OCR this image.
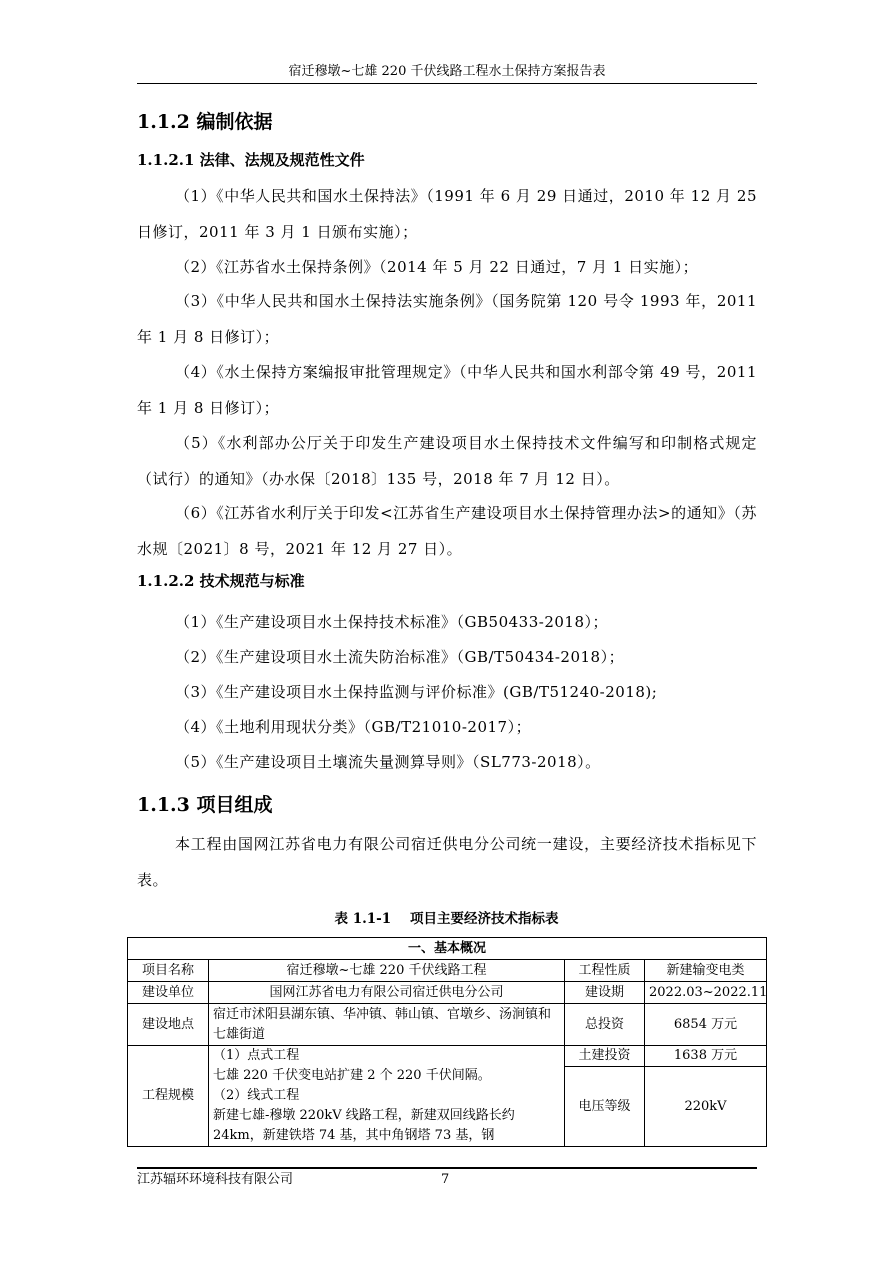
宿迁穆墩~七雄 220 千伏线路工程水土保持方案报告表
1.1.2 编制依据
1.1.2.1 法律、法规及规范性文件

（1）《中华人民共和国水土保持法》（1991 年 6 月 29 日通过，2010 年 12 月 25 日修订，2011 年 3 月 1 日颁布实施）；

（2）《江苏省水土保持条例》（2014 年 5 月 22 日通过，7 月 1 日实施）；

（3）《中华人民共和国水土保持法实施条例》（国务院第 120 号令 1993 年，2011 年 1 月 8 日修订）；

（4）《水土保持方案编报审批管理规定》（中华人民共和国水利部令第 49 号，2011 年 1 月 8 日修订）；

（5）《水利部办公厅关于印发生产建设项目水土保持技术文件编写和印制格式规定（试行）的通知》（办水保〔2018〕135 号，2018 年 7 月 12 日）。

（6）《江苏省水利厅关于印发<江苏省生产建设项目水土保持管理办法>的通知》（苏水规〔2021〕8 号，2021 年 12 月 27 日）。

1.1.2.2 技术规范与标准

（1）《生产建设项目水土保持技术标准》（GB50433-2018）；

（2）《生产建设项目水土流失防治标准》（GB/T50434-2018）；

（3）《生产建设项目水土保持监测与评价标准》(GB/T51240-2018);

（4）《土地利用现状分类》（GB/T21010-2017）；

（5）《生产建设项目土壤流失量测算导则》（SL773-2018）。

1.1.3 项目组成

本工程由国网江苏省电力有限公司宿迁供电分公司统一建设，主要经济技术指标见下表。

表 1.1-1    项目主要经济技术指标表
一、基本概况			
项目名称	宿迁穆墩~七雄 220 千伏线路工程	工程性质	新建输变电类
建设单位	国网江苏省电力有限公司宿迁供电分公司	建设期	2022.03~2022.11
建设地点	宿迁市沭阳县湖东镇、华冲镇、韩山镇、官墩乡、汤涧镇和七雄街道	总投资	6854 万元
工程规模	（1）点式工程
七雄 220 千伏变电站扩建 2 个 220 千伏间隔。
（2）线式工程
新建七雄-穆墩 220kV 线路工程，新建双回线路长约 24km，新建铁塔 74 基，其中角钢塔 73 基，钢	土建投资	1638 万元
		电压等级	220kV
江苏辐环环境科技有限公司	7
